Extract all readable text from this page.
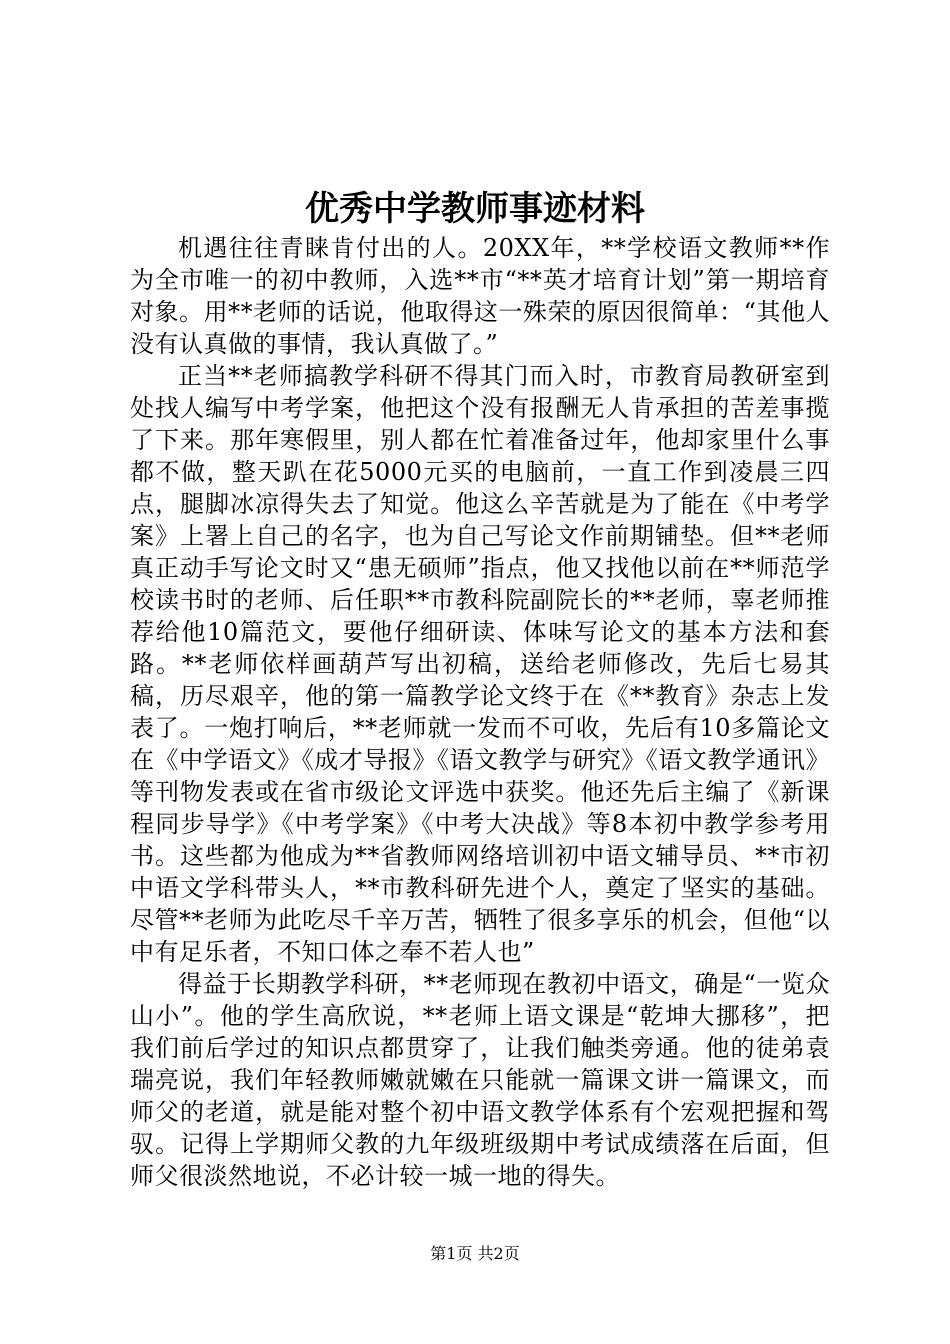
优秀中学教师事迹材料

机遇往往青睐肯付出的人。20XX年，**学校语文教师**作为全市唯一的初中教师，入选**市“**英才培育计划”第一期培育对象。用**老师的话说，他取得这一殊荣的原因很简单：“其他人没有认真做的事情，我认真做了。”

正当**老师搞教学科研不得其门而入时，市教育局教研室到处找人编写中考学案，他把这个没有报酬无人肯承担的苦差事揽了下来。那年寒假里，别人都在忙着准备过年，他却家里什么事都不做，整天趴在花5000元买的电脑前，一直工作到凌晨三四点，腿脚冰凉得失去了知觉。他这么辛苦就是为了能在《中考学案》上署上自己的名字，也为自己写论文作前期铺垫。但**老师真正动手写论文时又“患无硕师”指点，他又找他以前在**师范学校读书时的老师、后任职**市教科院副院长的**老师，辜老师推荐给他10篇范文，要他仔细研读、体味写论文的基本方法和套路。**老师依样画葫芦写出初稿，送给老师修改，先后七易其稿，历尽艰辛，他的第一篇教学论文终于在《**教育》杂志上发表了。一炮打响后，**老师就一发而不可收，先后有10多篇论文在《中学语文》《成才导报》《语文教学与研究》《语文教学通讯》等刊物发表或在省市级论文评选中获奖。他还先后主编了《新课程同步导学》《中考学案》《中考大决战》等8本初中教学参考用书。这些都为他成为**省教师网络培训初中语文辅导员、**市初中语文学科带头人，**市教科研先进个人，奠定了坚实的基础。尽管**老师为此吃尽千辛万苦，牺牲了很多享乐的机会，但他“以中有足乐者，不知口体之奉不若人也”

得益于长期教学科研，**老师现在教初中语文，确是“一览众山小”。他的学生高欣说，**老师上语文课是“乾坤大挪移”，把我们前后学过的知识点都贯穿了，让我们触类旁通。他的徒弟袁瑞亮说，我们年轻教师嫩就嫩在只能就一篇课文讲一篇课文，而师父的老道，就是能对整个初中语文教学体系有个宏观把握和驾驭。记得上学期师父教的九年级班级期中考试成绩落在后面，但师父很淡然地说，不必计较一城一地的得失。

第1页 共2页
